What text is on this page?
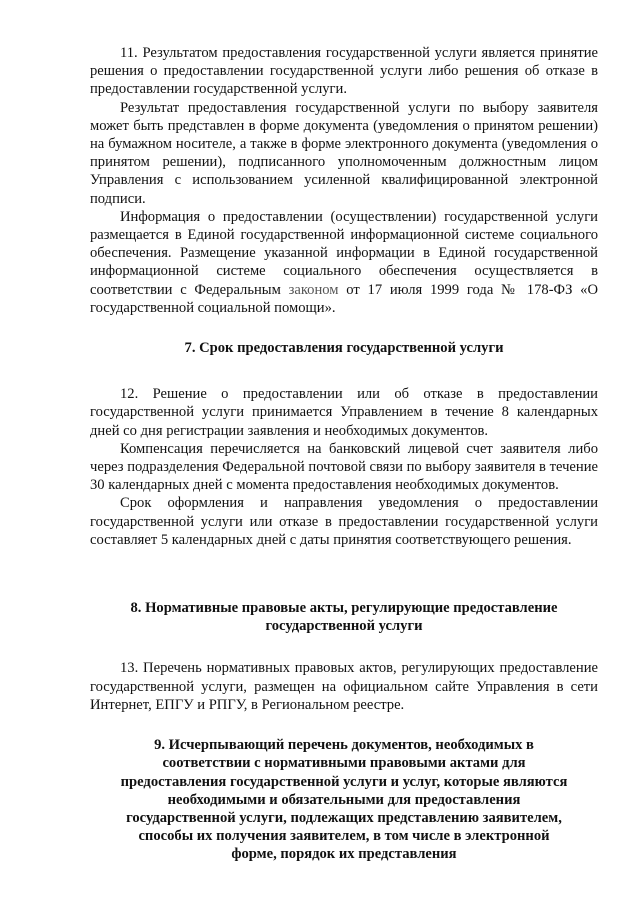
11. Результатом предоставления государственной услуги является принятие решения о предоставлении государственной услуги либо решения об отказе в предоставлении государственной услуги.

Результат предоставления государственной услуги по выбору заявителя может быть представлен в форме документа (уведомления о принятом решении) на бумажном носителе, а также в форме электронного документа (уведомления о принятом решении), подписанного уполномоченным должностным лицом Управления с использованием усиленной квалифицированной электронной подписи.

Информация о предоставлении (осуществлении) государственной услуги размещается в Единой государственной информационной системе социального обеспечения. Размещение указанной информации в Единой государственной информационной системе социального обеспечения осуществляется в соответствии с Федеральным законом от 17 июля 1999 года № 178-ФЗ «О государственной социальной помощи».

7. Срок предоставления государственной услуги

12. Решение о предоставлении или об отказе в предоставлении государственной услуги принимается Управлением в течение 8 календарных дней со дня регистрации заявления и необходимых документов.

Компенсация перечисляется на банковский лицевой счет заявителя либо через подразделения Федеральной почтовой связи по выбору заявителя в течение 30 календарных дней с момента предоставления необходимых документов.

Срок оформления и направления уведомления о предоставлении государственной услуги или отказе в предоставлении государственной услуги составляет 5 календарных дней с даты принятия соответствующего решения.

8. Нормативные правовые акты, регулирующие предоставление государственной услуги

13. Перечень нормативных правовых актов, регулирующих предоставление государственной услуги, размещен на официальном сайте Управления в сети Интернет, ЕПГУ и РПГУ, в Региональном реестре.

9. Исчерпывающий перечень документов, необходимых в соответствии с нормативными правовыми актами для предоставления государственной услуги и услуг, которые являются необходимыми и обязательными для предоставления государственной услуги, подлежащих представлению заявителем, способы их получения заявителем, в том числе в электронной форме, порядок их представления
